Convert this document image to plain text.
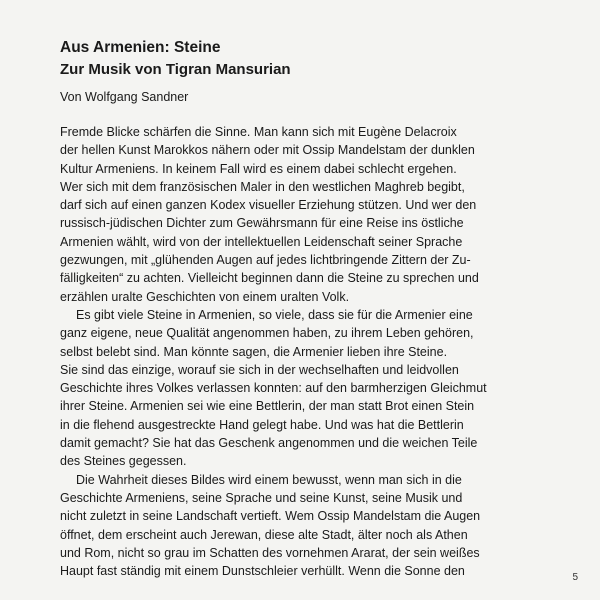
Aus Armenien: Steine
Zur Musik von Tigran Mansurian
Von Wolfgang Sandner

Fremde Blicke schärfen die Sinne. Man kann sich mit Eugène Delacroix
der hellen Kunst Marokkos nähern oder mit Ossip Mandelstam der dunklen
Kultur Armeniens. In keinem Fall wird es einem dabei schlecht ergehen.
Wer sich mit dem französischen Maler in den westlichen Maghreb begibt,
darf sich auf einen ganzen Kodex visueller Erziehung stützen. Und wer den
russisch-jüdischen Dichter zum Gewährsmann für eine Reise ins östliche
Armenien wählt, wird von der intellektuellen Leidenschaft seiner Sprache
gezwungen, mit „glühenden Augen auf jedes lichtbringende Zittern der Zu-
fälligkeiten“ zu achten. Vielleicht beginnen dann die Steine zu sprechen und
erzählen uralte Geschichten von einem uralten Volk.

Es gibt viele Steine in Armenien, so viele, dass sie für die Armenier eine
ganz eigene, neue Qualität angenommen haben, zu ihrem Leben gehören,
selbst belebt sind. Man könnte sagen, die Armenier lieben ihre Steine.
Sie sind das einzige, worauf sie sich in der wechselhaften und leidvollen
Geschichte ihres Volkes verlassen konnten: auf den barmherzigen Gleichmut
ihrer Steine. Armenien sei wie eine Bettlerin, der man statt Brot einen Stein
in die flehend ausgestreckte Hand gelegt habe. Und was hat die Bettlerin
damit gemacht? Sie hat das Geschenk angenommen und die weichen Teile
des Steines gegessen.

Die Wahrheit dieses Bildes wird einem bewusst, wenn man sich in die
Geschichte Armeniens, seine Sprache und seine Kunst, seine Musik und
nicht zuletzt in seine Landschaft vertieft. Wem Ossip Mandelstam die Augen
öffnet, dem erscheint auch Jerewan, diese alte Stadt, älter noch als Athen
und Rom, nicht so grau im Schatten des vornehmen Ararat, der sein weißes
Haupt fast ständig mit einem Dunstschleier verhüllt. Wenn die Sonne den	5
